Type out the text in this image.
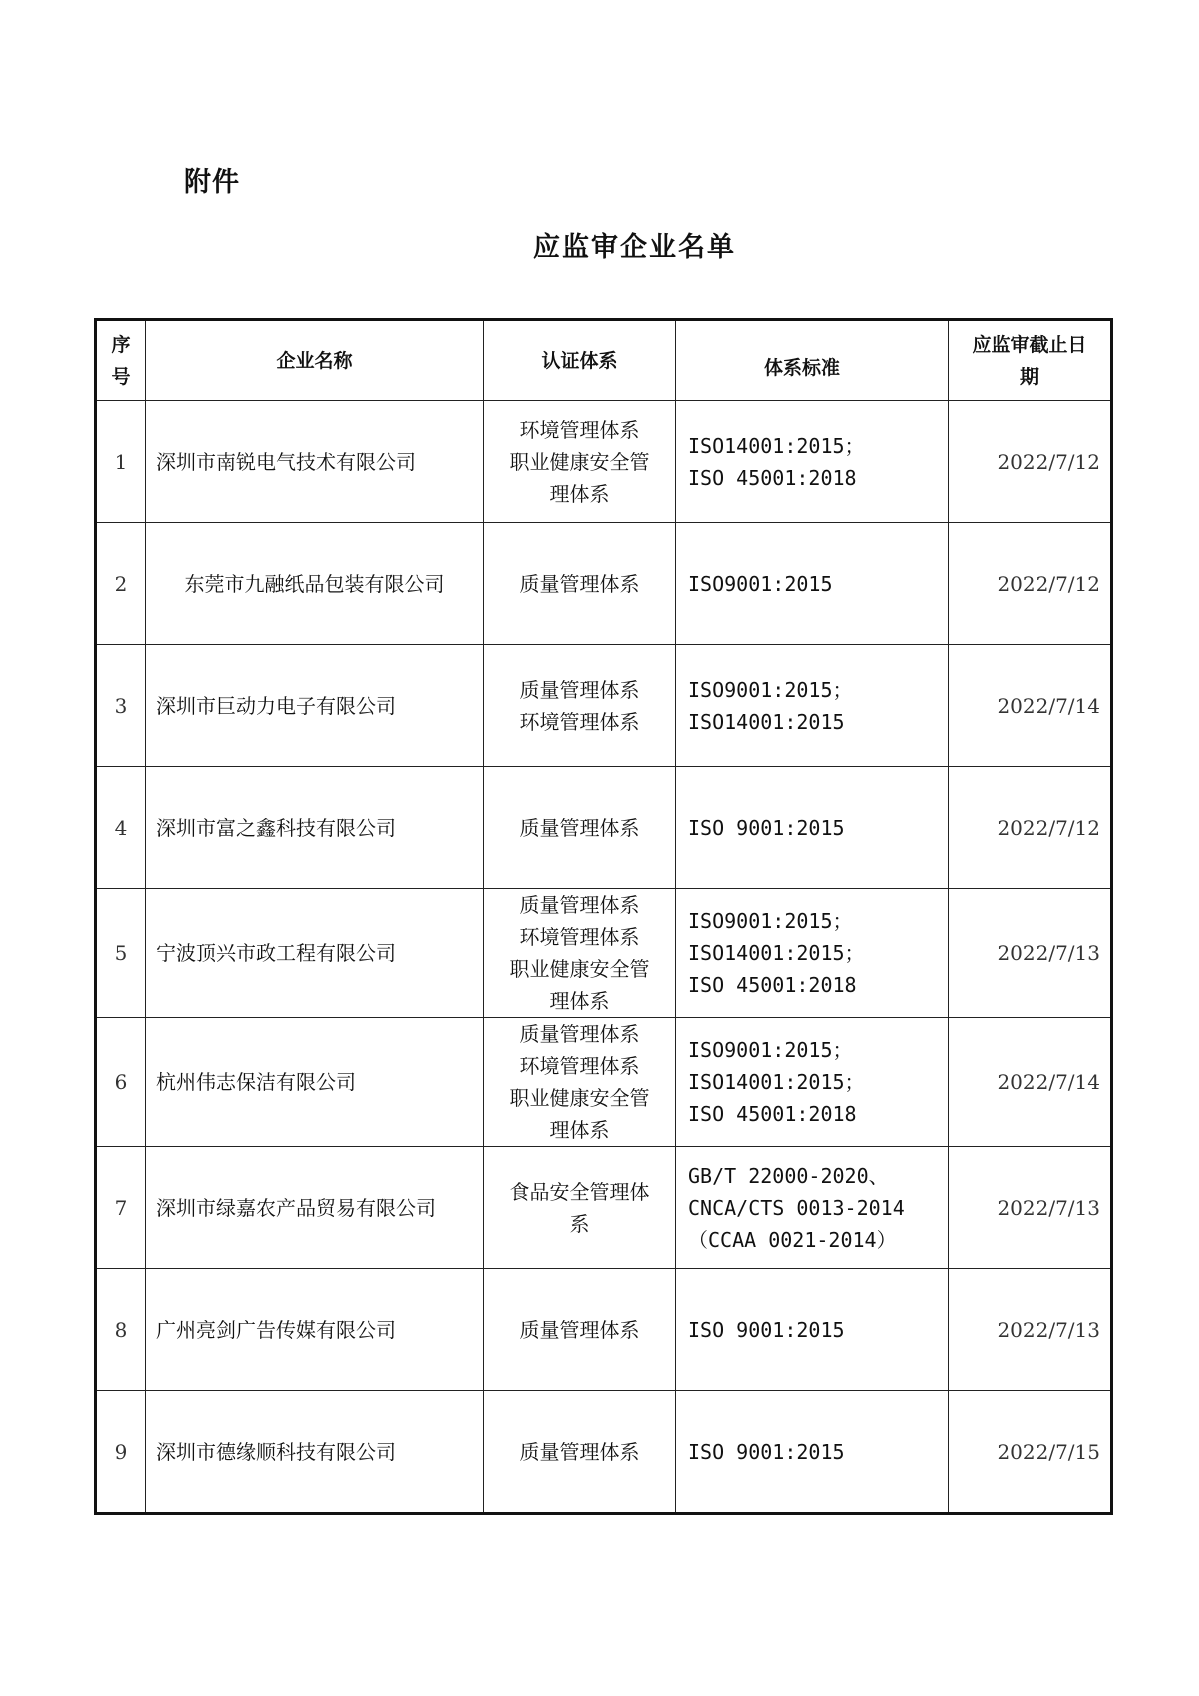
附件
应监审企业名单
序号	企业名称	认证体系	体系标准	应监审截止日期
1	深圳市南锐电气技术有限公司	环境管理体系
职业健康安全管
理体系	ISO14001:2015；
ISO 45001:2018	2022/7/12
2	东莞市九融纸品包装有限公司	质量管理体系	ISO9001:2015	2022/7/12
3	深圳市巨动力电子有限公司	质量管理体系
环境管理体系	ISO9001:2015；
ISO14001:2015	2022/7/14
4	深圳市富之鑫科技有限公司	质量管理体系	ISO 9001:2015	2022/7/12
5	宁波顶兴市政工程有限公司	质量管理体系
环境管理体系
职业健康安全管
理体系	ISO9001:2015；
ISO14001:2015；
ISO 45001:2018	2022/7/13
6	杭州伟志保洁有限公司	质量管理体系
环境管理体系
职业健康安全管
理体系	ISO9001:2015；
ISO14001:2015；
ISO 45001:2018	2022/7/14
7	深圳市绿嘉农产品贸易有限公司	食品安全管理体
系	GB/T 22000-2020、
CNCA/CTS 0013-2014
（CCAA 0021-2014）	2022/7/13
8	广州亮剑广告传媒有限公司	质量管理体系	ISO 9001:2015	2022/7/13
9	深圳市德缘顺科技有限公司	质量管理体系	ISO 9001:2015	2022/7/15
